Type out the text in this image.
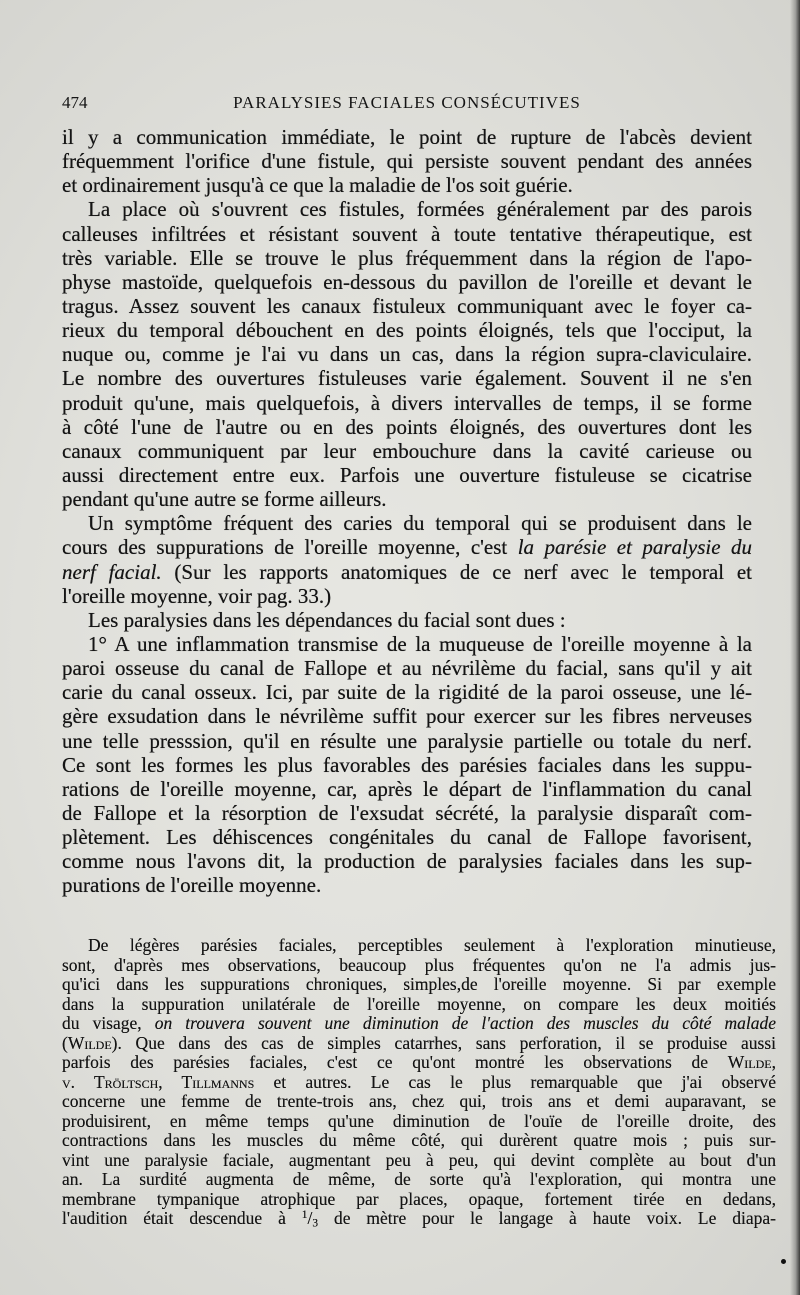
474	PARALYSIES FACIALES CONSÉCUTIVES
il y a communication immédiate, le point de rupture de l'abcès devient
fréquemment l'orifice d'une fistule, qui persiste souvent pendant des années
et ordinairement jusqu'à ce que la maladie de l'os soit guérie.
La place où s'ouvrent ces fistules, formées généralement par des parois
calleuses infiltrées et résistant souvent à toute tentative thérapeutique, est
très variable. Elle se trouve le plus fréquemment dans la région de l'apo-
physe mastoïde, quelquefois en-dessous du pavillon de l'oreille et devant le
tragus. Assez souvent les canaux fistuleux communiquant avec le foyer ca-
rieux du temporal débouchent en des points éloignés, tels que l'occiput, la
nuque ou, comme je l'ai vu dans un cas, dans la région supra-claviculaire.
Le nombre des ouvertures fistuleuses varie également. Souvent il ne s'en
produit qu'une, mais quelquefois, à divers intervalles de temps, il se forme
à côté l'une de l'autre ou en des points éloignés, des ouvertures dont les
canaux communiquent par leur embouchure dans la cavité carieuse ou
aussi directement entre eux. Parfois une ouverture fistuleuse se cicatrise
pendant qu'une autre se forme ailleurs.
Un symptôme fréquent des caries du temporal qui se produisent dans le
cours des suppurations de l'oreille moyenne, c'est la parésie et paralysie du
nerf facial. (Sur les rapports anatomiques de ce nerf avec le temporal et
l'oreille moyenne, voir pag. 33.)
Les paralysies dans les dépendances du facial sont dues :
1° A une inflammation transmise de la muqueuse de l'oreille moyenne à la
paroi osseuse du canal de Fallope et au névrilème du facial, sans qu'il y ait
carie du canal osseux. Ici, par suite de la rigidité de la paroi osseuse, une lé-
gère exsudation dans le névrilème suffit pour exercer sur les fibres nerveuses
une telle presssion, qu'il en résulte une paralysie partielle ou totale du nerf.
Ce sont les formes les plus favorables des parésies faciales dans les suppu-
rations de l'oreille moyenne, car, après le départ de l'inflammation du canal
de Fallope et la résorption de l'exsudat sécrété, la paralysie disparaît com-
plètement. Les déhiscences congénitales du canal de Fallope favorisent,
comme nous l'avons dit, la production de paralysies faciales dans les sup-
purations de l'oreille moyenne.
De légères parésies faciales, perceptibles seulement à l'exploration minutieuse,
sont, d'après mes observations, beaucoup plus fréquentes qu'on ne l'a admis jus-
qu'ici dans les suppurations chroniques, simples,de l'oreille moyenne. Si par exemple
dans la suppuration unilatérale de l'oreille moyenne, on compare les deux moitiés
du visage, on trouvera souvent une diminution de l'action des muscles du côté malade
(Wilde). Que dans des cas de simples catarrhes, sans perforation, il se produise aussi
parfois des parésies faciales, c'est ce qu'ont montré les observations de Wilde,
v. Tröltsch, Tillmanns et autres. Le cas le plus remarquable que j'ai observé
concerne une femme de trente-trois ans, chez qui, trois ans et demi auparavant, se
produisirent, en même temps qu'une diminution de l'ouïe de l'oreille droite, des
contractions dans les muscles du même côté, qui durèrent quatre mois ; puis sur-
vint une paralysie faciale, augmentant peu à peu, qui devint complète au bout d'un
an. La surdité augmenta de même, de sorte qu'à l'exploration, qui montra une
membrane tympanique atrophique par places, opaque, fortement tirée en dedans,
l'audition était descendue à $^1/_3$ de mètre pour le langage à haute voix. Le diapa-
